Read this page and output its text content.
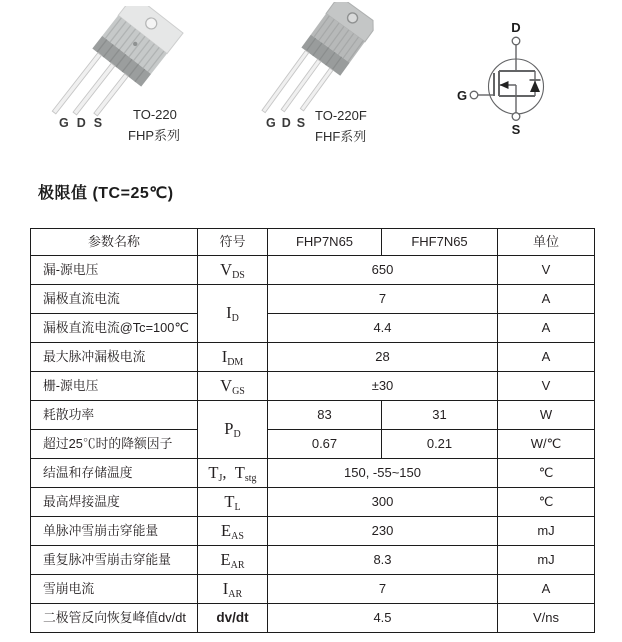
G D S
TO-220
FHP系列
G D S TO-220F
FHF系列
D
G
S
极限值 (TC=25℃)
参数名称	符号	FHP7N65	FHF7N65	单位
漏-源电压	$V_{DS}$	650		V
漏极直流电流	$I_D$	7		A
漏极直流电流@Tc=100℃		4.4		A
最大脉冲漏极电流	$I_{DM}$	28		A
栅-源电压	$V_{GS}$	±30		V
耗散功率	$P_D$	83	31	W
超过25℃时的降额因子		0.67	0.21	W/℃
结温和存储温度	$T_J$, $T_{stg}$	150, -55~150		℃
最高焊接温度	$T_L$	300		℃
单脉冲雪崩击穿能量	$E_{AS}$	230		mJ
重复脉冲雪崩击穿能量	$E_{AR}$	8.3		mJ
雪崩电流	$I_{AR}$	7		A
二极管反向恢复峰值dv/dt	dv/dt	4.5		V/ns
